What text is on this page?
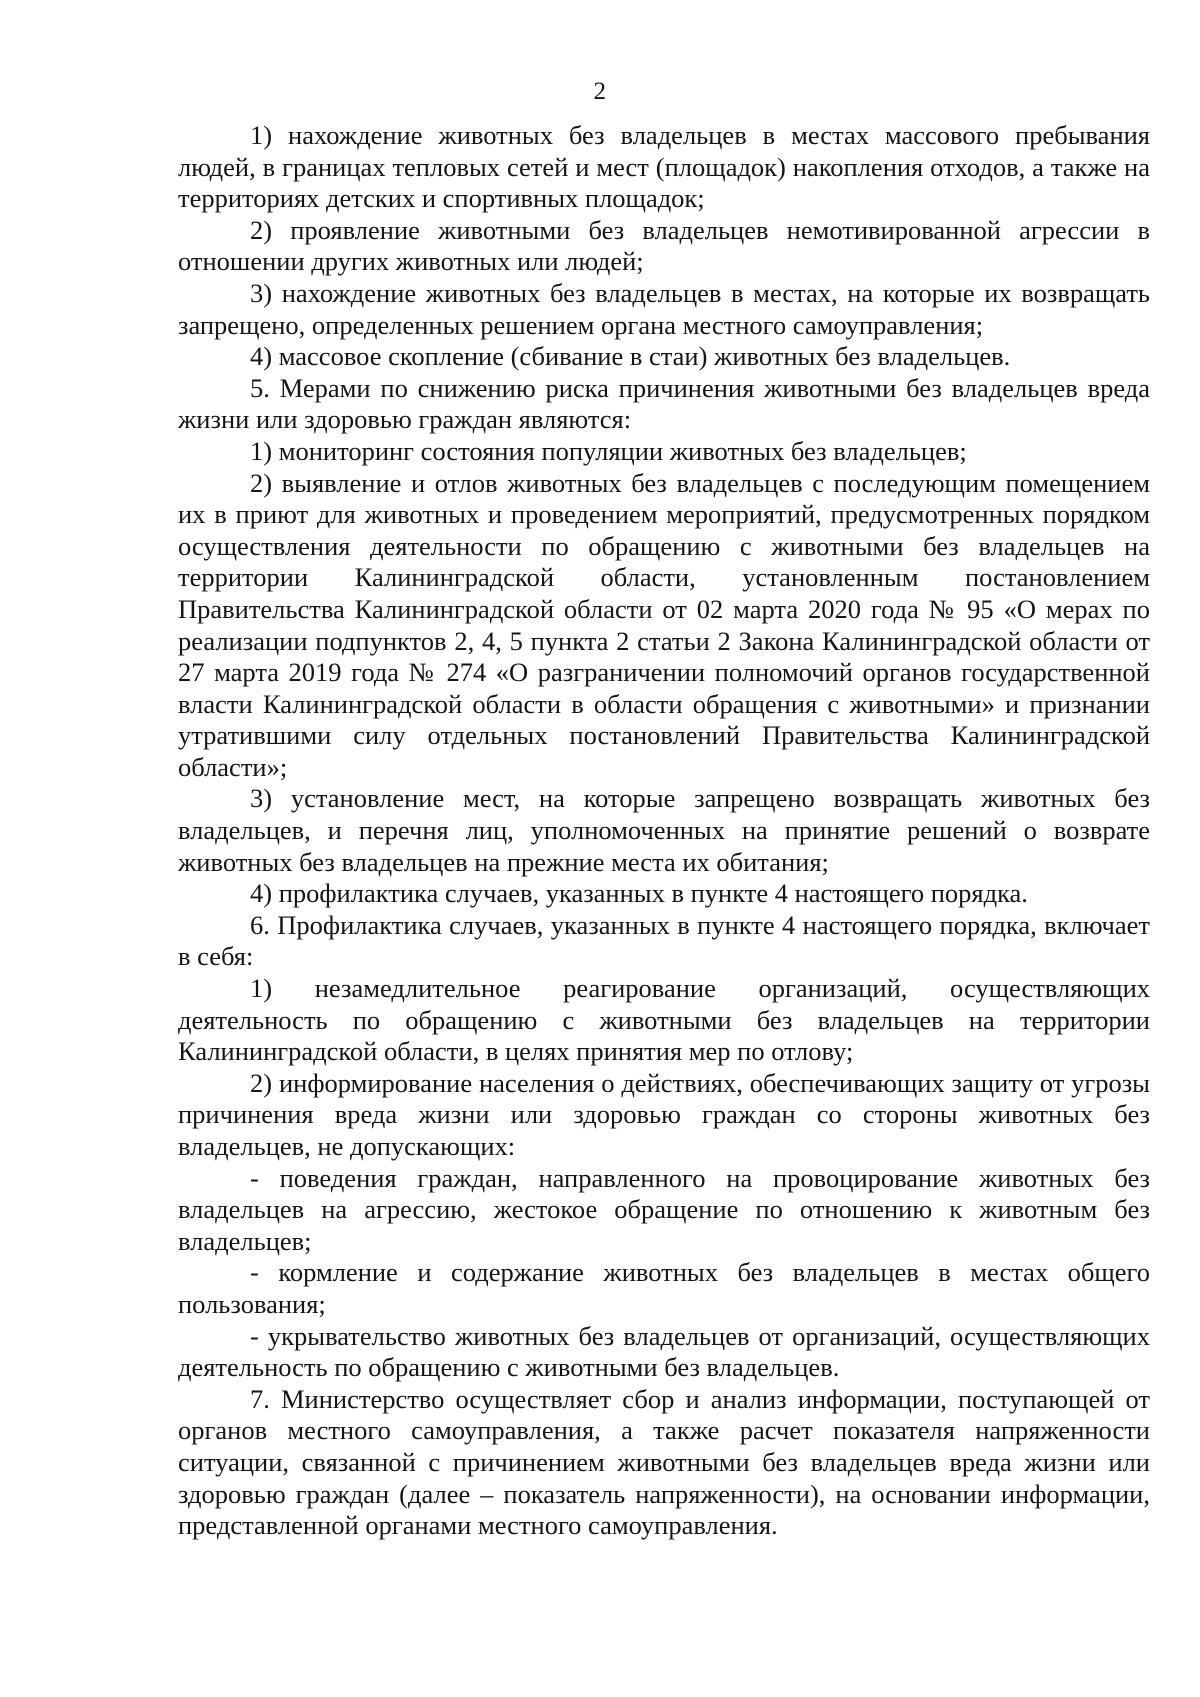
2

1) нахождение животных без владельцев в местах массового пребывания людей, в границах тепловых сетей и мест (площадок) накопления отходов, а также на территориях детских и спортивных площадок;

2) проявление животными без владельцев немотивированной агрессии в отношении других животных или людей;

3) нахождение животных без владельцев в местах, на которые их возвращать запрещено, определенных решением органа местного самоуправления;

4) массовое скопление (сбивание в стаи) животных без владельцев.

5. Мерами по снижению риска причинения животными без владельцев вреда жизни или здоровью граждан являются:

1) мониторинг состояния популяции животных без владельцев;

2) выявление и отлов животных без владельцев с последующим помещением их в приют для животных и проведением мероприятий, предусмотренных порядком осуществления деятельности по обращению с животными без владельцев на территории Калининградской области, установленным постановлением Правительства Калининградской области от 02 марта 2020 года № 95 «О мерах по реализации подпунктов 2, 4, 5 пункта 2 статьи 2 Закона Калининградской области от 27 марта 2019 года № 274 «О разграничении полномочий органов государственной власти Калининградской области в области обращения с животными» и признании утратившими силу отдельных постановлений Правительства Калининградской области»;

3) установление мест, на которые запрещено возвращать животных без владельцев, и перечня лиц, уполномоченных на принятие решений о возврате животных без владельцев на прежние места их обитания;

4) профилактика случаев, указанных в пункте 4 настоящего порядка.

6. Профилактика случаев, указанных в пункте 4 настоящего порядка, включает в себя:

1) незамедлительное реагирование организаций, осуществляющих деятельность по обращению с животными без владельцев на территории Калининградской области, в целях принятия мер по отлову;

2) информирование населения о действиях, обеспечивающих защиту от угрозы причинения вреда жизни или здоровью граждан со стороны животных без владельцев, не допускающих:

- поведения граждан, направленного на провоцирование животных без владельцев на агрессию, жестокое обращение по отношению к животным без владельцев;

- кормление и содержание животных без владельцев в местах общего пользования;

- укрывательство животных без владельцев от организаций, осуществляющих деятельность по обращению с животными без владельцев.

7. Министерство осуществляет сбор и анализ информации, поступающей от органов местного самоуправления, а также расчет показателя напряженности ситуации, связанной с причинением животными без владельцев вреда жизни или здоровью граждан (далее – показатель напряженности), на основании информации, представленной органами местного самоуправления.
